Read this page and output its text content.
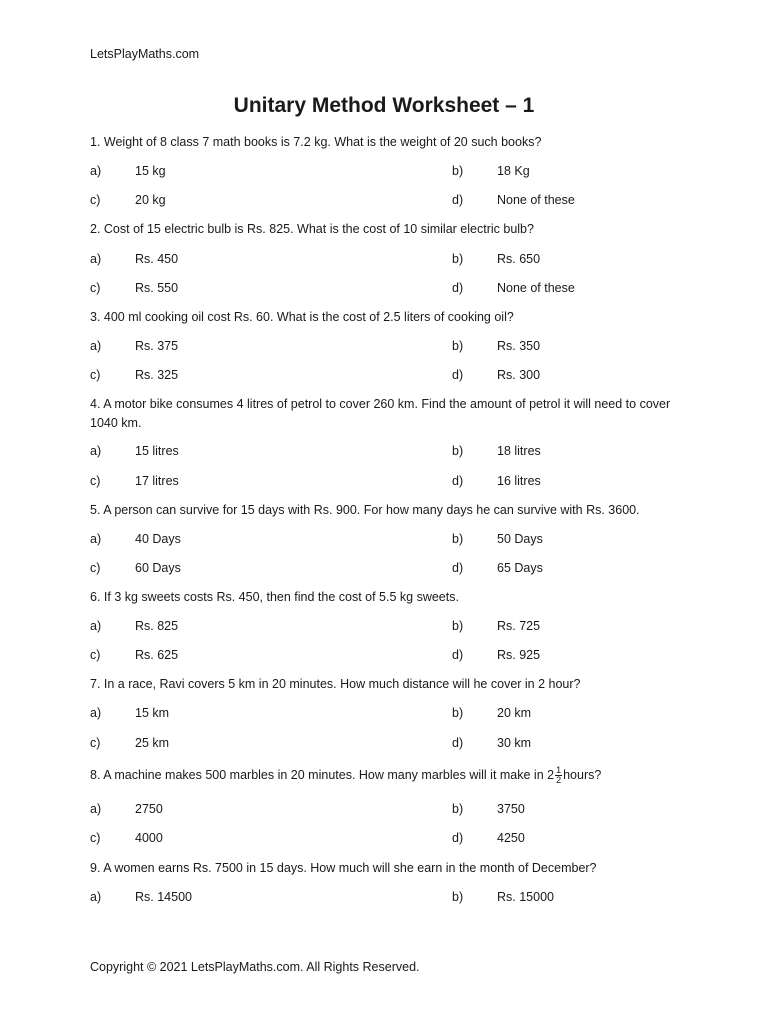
LetsPlayMaths.com
Unitary Method Worksheet – 1
1. Weight of 8 class 7 math books is 7.2 kg. What is the weight of 20 such books?
a)	15 kg	b)	18 Kg
c)	20 kg	d)	None of these
2. Cost of 15 electric bulb is Rs. 825. What is the cost of 10 similar electric bulb?
a)	Rs. 450	b)	Rs. 650
c)	Rs. 550	d)	None of these
3. 400 ml cooking oil cost Rs. 60. What is the cost of 2.5 liters of cooking oil?
a)	Rs. 375	b)	Rs. 350
c)	Rs. 325	d)	Rs. 300
4. A motor bike consumes 4 litres of petrol to cover 260 km. Find the amount of petrol it will need to cover 1040 km.
a)	15 litres	b)	18 litres
c)	17 litres	d)	16 litres
5. A person can survive for 15 days with Rs. 900. For how many days he can survive with Rs. 3600.
a)	40 Days	b)	50 Days
c)	60 Days	d)	65 Days
6. If 3 kg sweets costs Rs. 450, then find the cost of 5.5 kg sweets.
a)	Rs. 825	b)	Rs. 725
c)	Rs. 625	d)	Rs. 925
7. In a race, Ravi covers 5 km in 20 minutes. How much distance will he cover in 2 hour?
a)	15 km	b)	20 km
c)	25 km	d)	30 km
8. A machine makes 500 marbles in 20 minutes. How many marbles will it make in $2 \frac{1}{2}$ hours?
a)	2750	b)	3750
c)	4000	d)	4250
9. A women earns Rs. 7500 in 15 days. How much will she earn in the month of December?
a)	Rs. 14500	b)	Rs. 15000
Copyright © 2021 LetsPlayMaths.com. All Rights Reserved.
